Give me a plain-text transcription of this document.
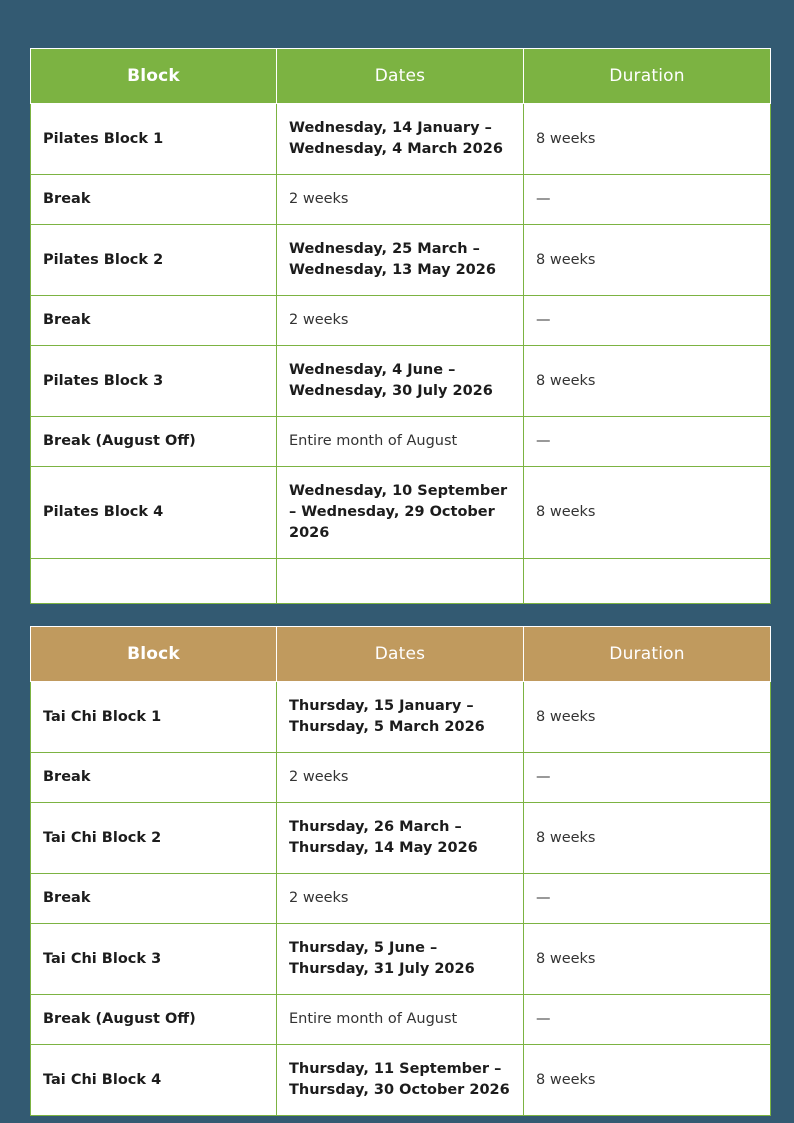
Block	Dates	Duration
Pilates Block 1	Wednesday, 14 January – Wednesday, 4 March 2026	8 weeks
Break	2 weeks	—
Pilates Block 2	Wednesday, 25 March – Wednesday, 13 May 2026	8 weeks
Break	2 weeks	—
Pilates Block 3	Wednesday, 4 June – Wednesday, 30 July 2026	8 weeks
Break (August Off)	Entire month of August	—
Pilates Block 4	Wednesday, 10 September – Wednesday, 29 October 2026	8 weeks

Block	Dates	Duration
Tai Chi Block 1	Thursday, 15 January – Thursday, 5 March 2026	8 weeks
Break	2 weeks	—
Tai Chi Block 2	Thursday, 26 March – Thursday, 14 May 2026	8 weeks
Break	2 weeks	—
Tai Chi Block 3	Thursday, 5 June – Thursday, 31 July 2026	8 weeks
Break (August Off)	Entire month of August	—
Tai Chi Block 4	Thursday, 11 September – Thursday, 30 October 2026	8 weeks
